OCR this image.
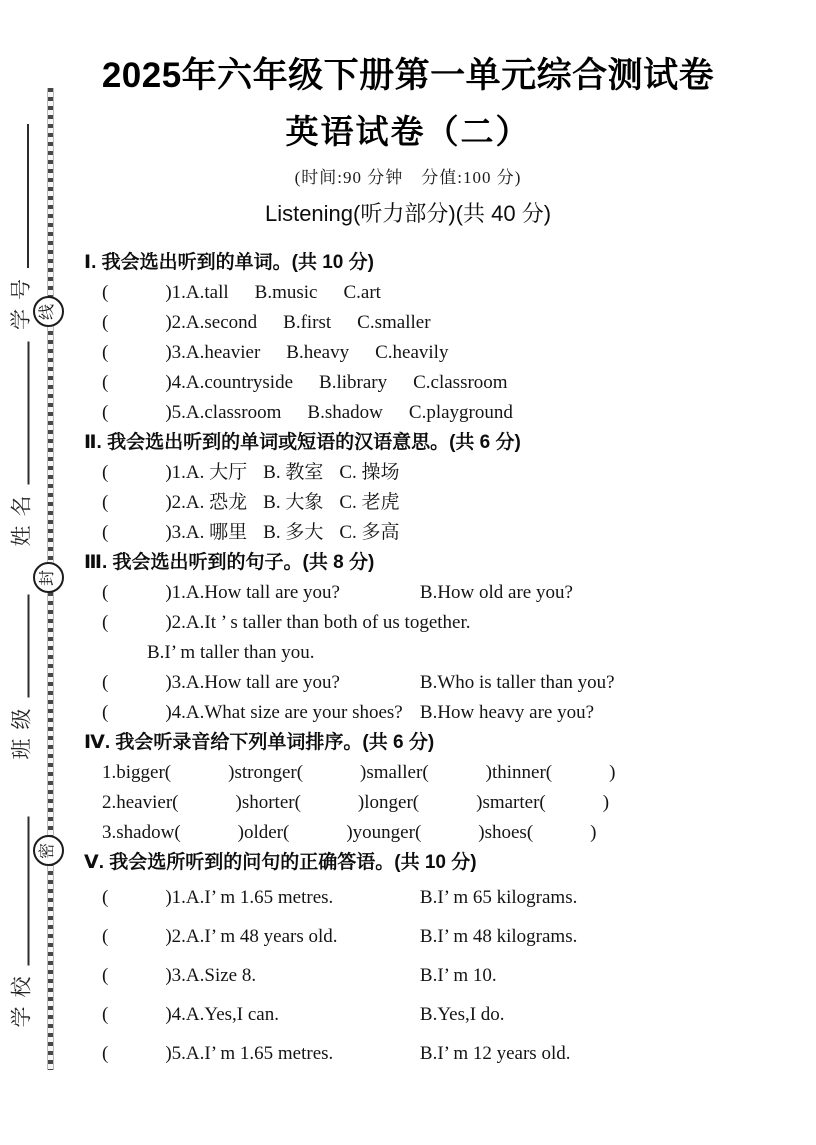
学号
姓名
班级
学校
线
封
密
2025年六年级下册第一单元综合测试卷
英语试卷（二）
(时间:90 分钟　分值:100 分)
Listening(听力部分)(共 40 分)
Ⅰ. 我会选出听到的单词。(共 10 分)
(　　　) 1. A.tall B.music C.art
(　　　) 2. A.second B.first C.smaller
(　　　) 3. A.heavier B.heavy C.heavily
(　　　) 4. A.countryside B.library C.classroom
(　　　) 5. A.classroom B.shadow C.playground
Ⅱ. 我会选出听到的单词或短语的汉语意思。(共 6 分)
(　　　) 1. A. 大厅 B. 教室 C. 操场
(　　　) 2. A. 恐龙 B. 大象 C. 老虎
(　　　) 3. A. 哪里 B. 多大 C. 多高
Ⅲ. 我会选出听到的句子。(共 8 分)
(　　　) 1. A.How tall are you?	B.How old are you?
(　　　) 2. A.It ’ s taller than both of us together.
B.I’ m taller than you.
(　　　) 3. A.How tall are you?	B.Who is taller than you?
(　　　) 4. A.What size are your shoes? B.How heavy are you?
Ⅳ. 我会听录音给下列单词排序。(共 6 分)
1. bigger (　　　) stronger (　　　) smaller (　　　) thinner (　　　)
2. heavier (　　　) shorter (　　　) longer (　　　) smarter (　　　)
3. shadow (　　　) older (　　　) younger (　　　) shoes (　　　)
Ⅴ. 我会选所听到的问句的正确答语。(共 10 分)
(　　　) 1. A.I’ m 1.65 metres.	B.I’ m 65 kilograms.
(　　　) 2. A.I’ m 48 years old.	B.I’ m 48 kilograms.
(　　　) 3. A.Size 8.	B.I’ m 10.
(　　　) 4. A.Yes,I can.	B.Yes,I do.
(　　　) 5. A.I’ m 1.65 metres.	B.I’ m 12 years old.
